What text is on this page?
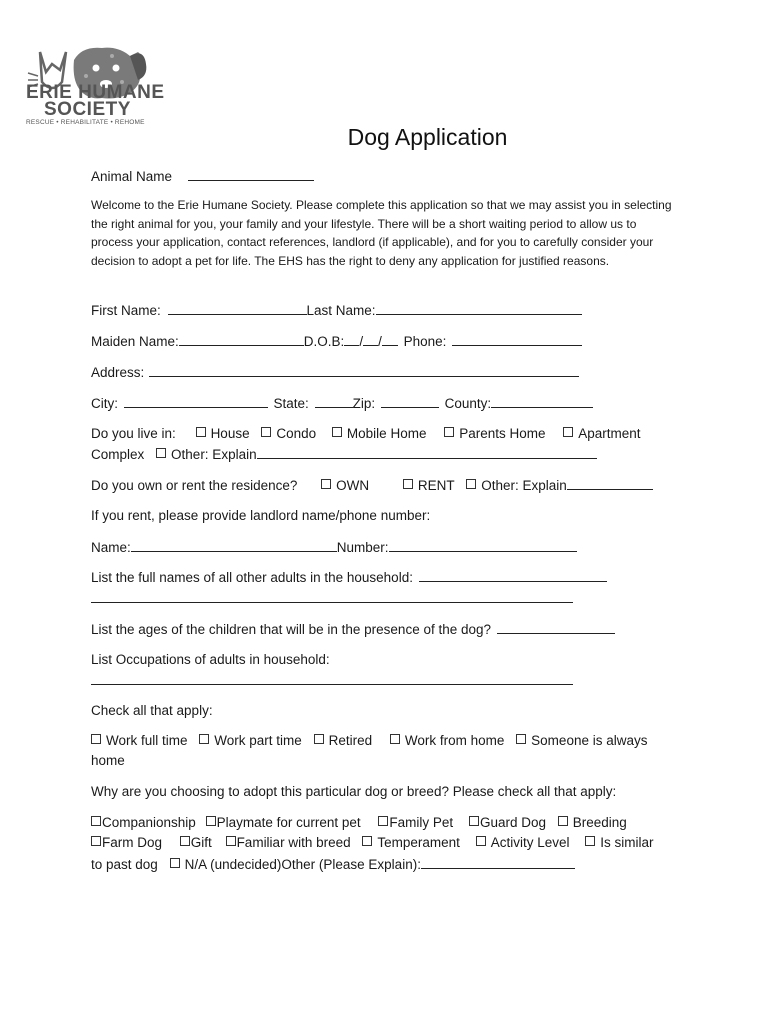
ERIE HUMANE
SOCIETY
RESCUE • REHABILITATE • REHOME
Dog Application
Animal Name
Welcome to the Erie Humane Society. Please complete this application so that we may assist you in selecting the right animal for you, your family and your lifestyle. There will be a short waiting period to allow us to process your application, contact references, landlord (if applicable), and for you to carefully consider your decision to adopt a pet for life. The EHS has the right to deny any application for justified reasons.
First Name:	Last Name:
Maiden Name:	D.O.B: / / Phone:
Address:
City:	State:	Zip:	County:
Do you live in:	House Condo Mobile Home Parents Home Apartment
Complex Other: Explain
Do you own or rent the residence?	OWN	RENT Other: Explain
If you rent, please provide landlord name/phone number:
Name:	Number:
List the full names of all other adults in the household:
List the ages of the children that will be in the presence of the dog?
List Occupations of adults in household:
Check all that apply:
Work full time Work part time Retired Work from home Someone is always
home
Why are you choosing to adopt this particular dog or breed? Please check all that apply:
Companionship Playmate for current pet Family Pet Guard Dog Breeding
Farm Dog Gift Familiar with breed Temperament Activity Level Is similar
to past dog N/A (undecided)Other (Please Explain):
